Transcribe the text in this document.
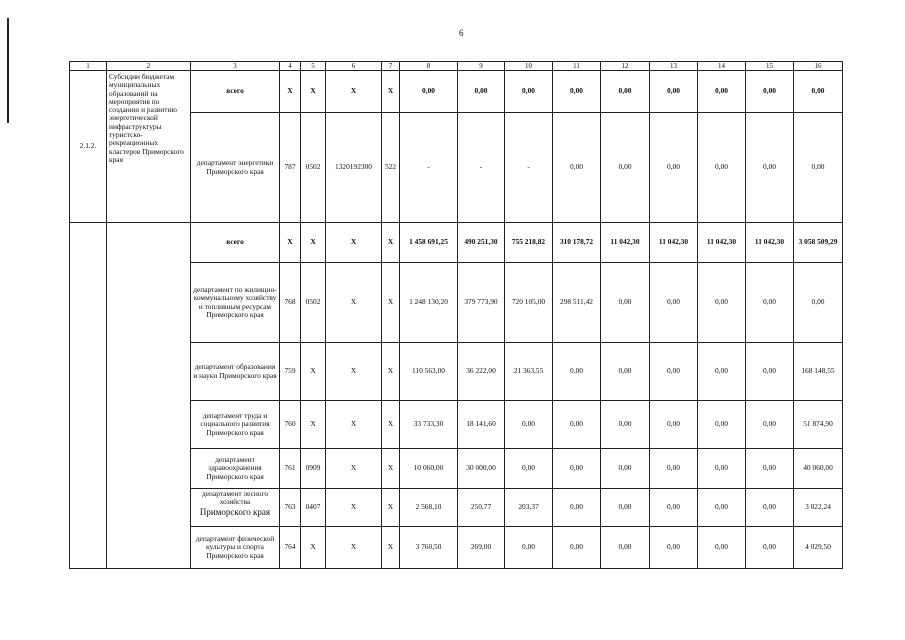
6
1	2	3	4	5	6	7	8	9	10	11	12	13	14	15	16
2.1.2.	Субсидии бюджетам муниципальных образований на мероприятия по созданию и развитию энергетической инфраструктуры туристско-рекреационных кластеров Приморского края	всего	X	X	X	X	0,00	0,00	0,00	0,00	0,00	0,00	0,00	0,00	0,00
		департамент энергетики Приморского края	787	0502	1320192300	522	-	-	-	0,00	0,00	0,00	0,00	0,00	0,00
		всего	X	X	X	X	1 458 691,25	490 251,30	755 218,82	310 178,72	11 042,30	11 042,30	11 042,30	11 042,30	3 058 509,29
		департамент по жилищно-коммунальному хозяйству и топливным ресурсам Приморского края	768	0502	X	X	1 248 130,20	379 773,90	720 105,00	298 511,42	0,00	0,00	0,00	0,00	0,00
		департамент образования и науки Приморского края	759	X	X	X	110 563,00	36 222,00	21 363,55	0,00	0,00	0,00	0,00	0,00	168 148,55
		департамент труда и социального развития Приморского края	760	X	X	X	33 733,30	18 141,60	0,00	0,00	0,00	0,00	0,00	0,00	51 874,90
		департамент здравоохранения Приморского края	761	0909	X	X	10 060,00	30 000,00	0,00	0,00	0,00	0,00	0,00	0,00	40 060,00
		департамент лесного хозяйства
Приморского края	763	0407	X	X	2 568,10	250,77	203,37	0,00	0,00	0,00	0,00	0,00	3 022,24
		департамент физической культуры и спорта Приморского края	764	X	X	X	3 760,50	269,00	0,00	0,00	0,00	0,00	0,00	0,00	4 029,50
